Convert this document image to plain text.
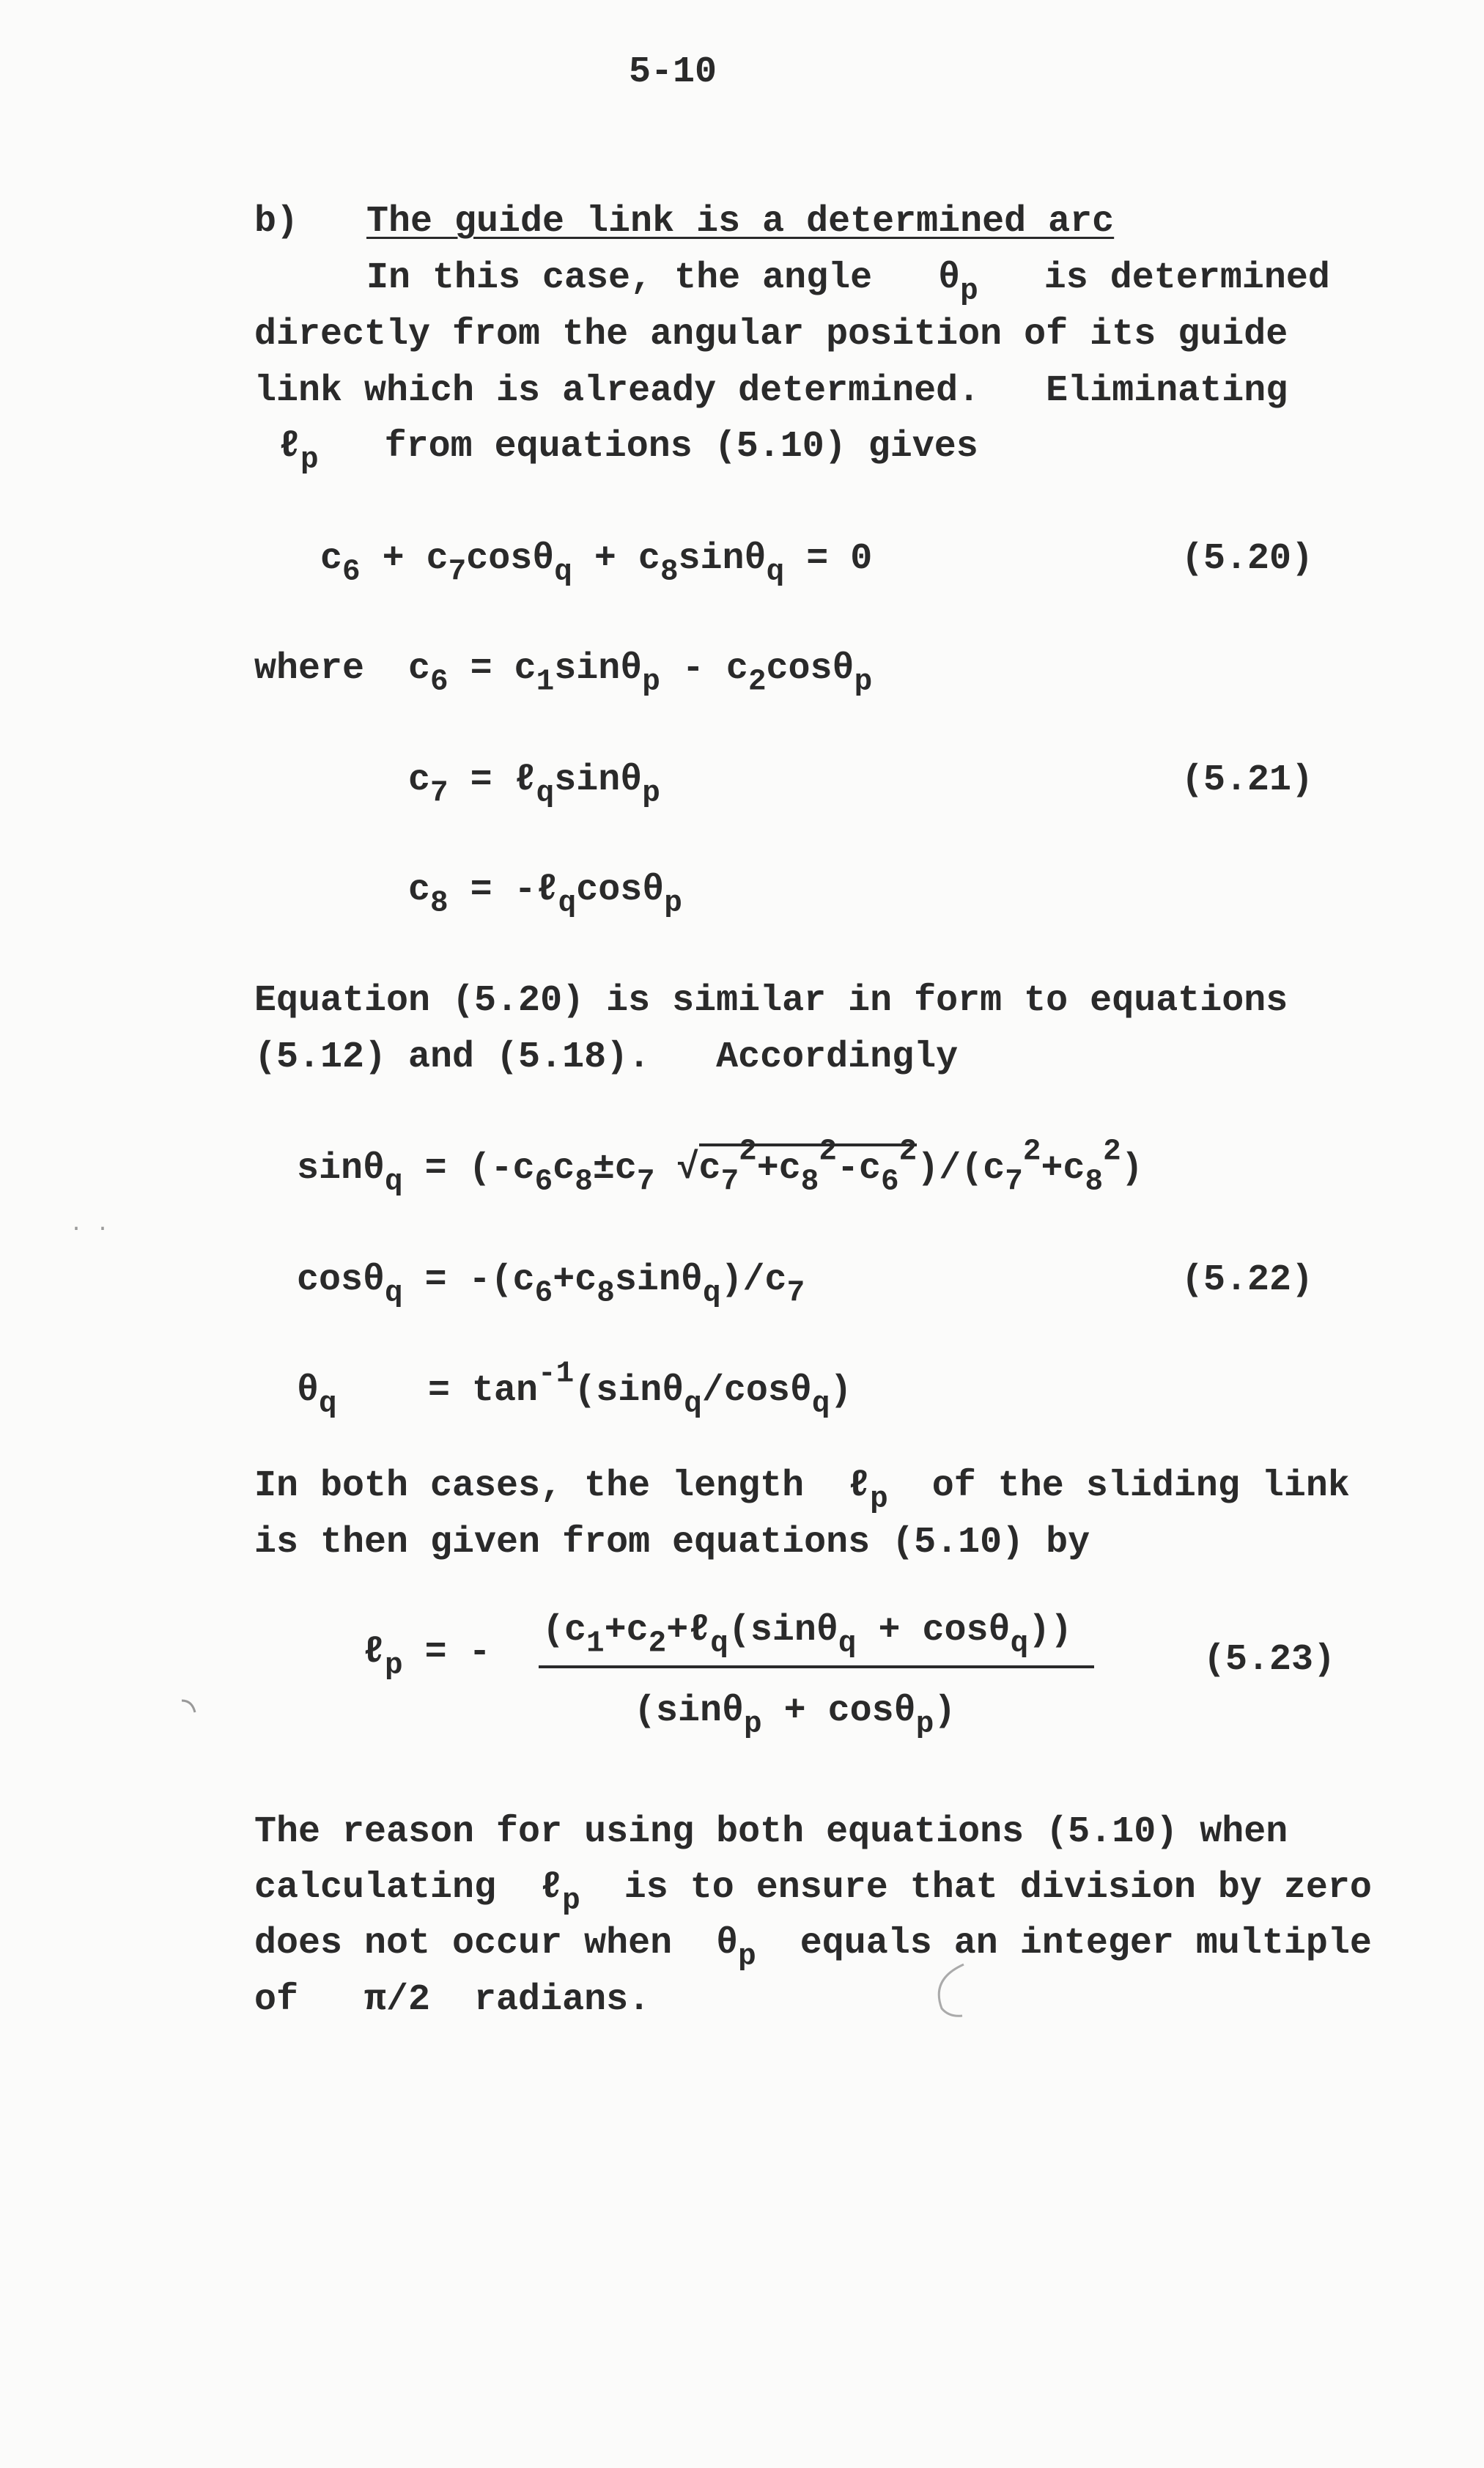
5-10
b) The guide link is a determined arc
In this case, the angle $\theta_p$ is determined
directly from the angular position of its guide
link which is already determined.   Eliminating
ℓ$_p$ from equations (5.10) gives
$c_6 + c_7\cos\theta_q + c_8\sin\theta_q = 0$	(5.20)
where $c_6 = c_1\sin\theta_p - c_2\cos\theta_p$
$c_7$ = ℓ$_q$sinθ$_p$	(5.21)
$c_8$ = -ℓ$_q$cosθ$_p$
Equation (5.20) is similar in form to equations
(5.12) and (5.18).   Accordingly
$\sin\theta_q = (-c_6c_8\pm c_7$ $√c_7^2+c_8^2-c_6^2)/(c_7^2+c_8^2)$
$\cos\theta_q = -(c_6+c_8\sin\theta_q)/c_7$	(5.22)
$\theta_q = \tan^{-1}(\sin\theta_q/\cos\theta_q)$
In both cases, the length ℓ$_p$ of the sliding link
is then given from equations (5.10) by
ℓ$_p$ = -
$(c_1+c_2+\ell_q(\sin\theta_q + \cos\theta_q))$
(sinθ$_p$ + cosθ$_p$)
(5.23)
The reason for using both equations (5.10) when
calculating ℓ$_p$ is to ensure that division by zero
does not occur when $\theta_p$ equals an integer multiple
of   π/2  radians.
· ·
